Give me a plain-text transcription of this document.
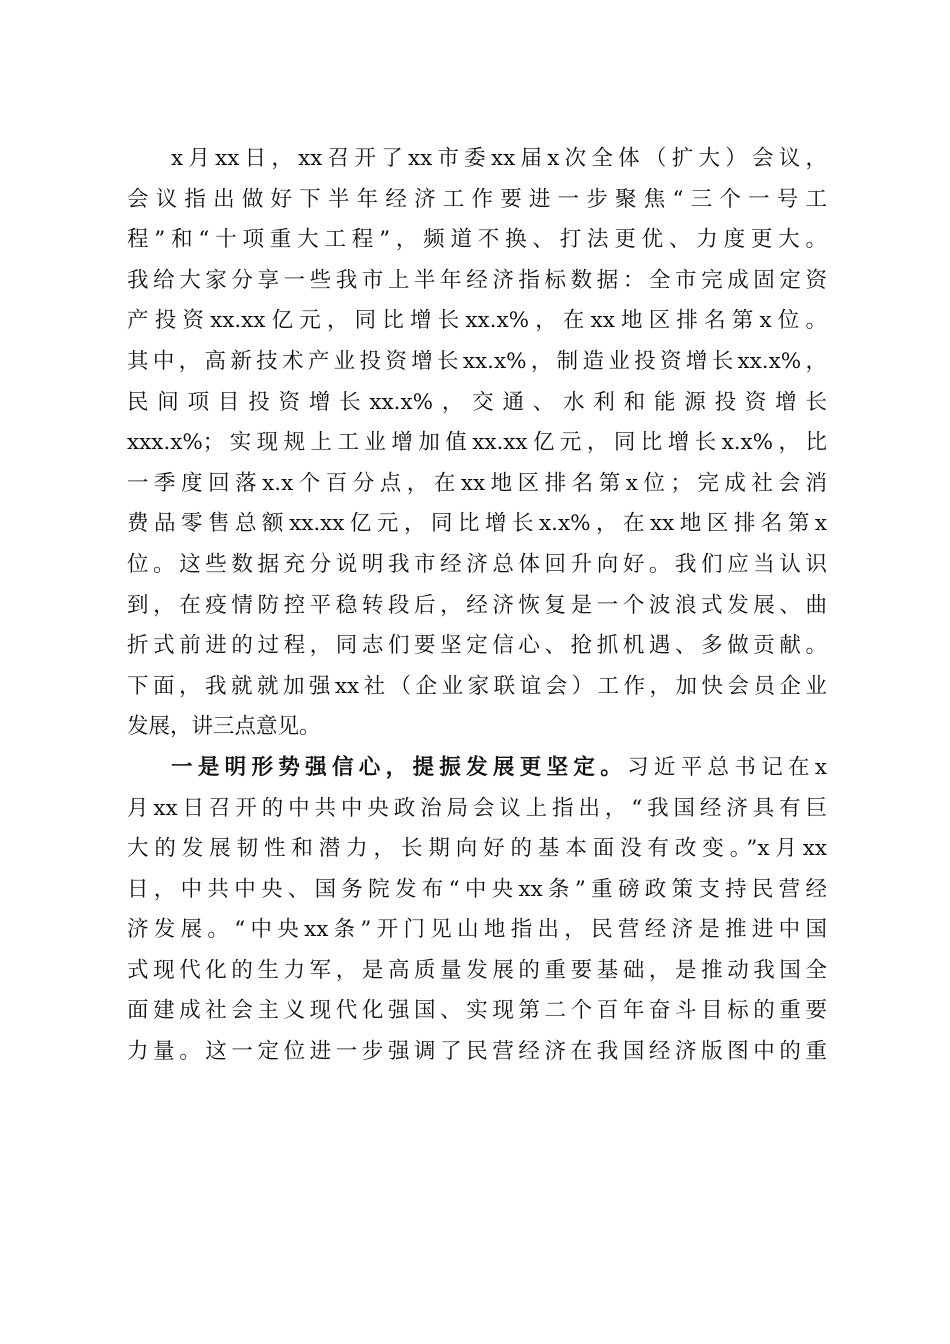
x月xx日，xx召开了xx市委xx届x次全体（扩大）会议，
会议指出做好下半年经济工作要进一步聚焦“三个一号工
程”和“十项重大工程”，频道不换、打法更优、力度更大。
我给大家分享一些我市上半年经济指标数据：全市完成固定资
产投资xx.xx亿元，同比增长xx.x%，在xx地区排名第x位。
其中，高新技术产业投资增长xx.x%，制造业投资增长xx.x%，
民间项目投资增长xx.x%，交通、水利和能源投资增长
xxx.x%；实现规上工业增加值xx.xx亿元，同比增长x.x%，比
一季度回落x.x个百分点，在xx地区排名第x位；完成社会消
费品零售总额xx.xx亿元，同比增长x.x%，在xx地区排名第x
位。这些数据充分说明我市经济总体回升向好。我们应当认识
到，在疫情防控平稳转段后，经济恢复是一个波浪式发展、曲
折式前进的过程，同志们要坚定信心、抢抓机遇、多做贡献。
下面，我就就加强xx社（企业家联谊会）工作，加快会员企业
发展，讲三点意见。
一是明形势强信心，提振发展更坚定。习近平总书记在x
月xx日召开的中共中央政治局会议上指出，“我国经济具有巨
大的发展韧性和潜力，长期向好的基本面没有改变。”x月xx
日，中共中央、国务院发布“中央xx条”重磅政策支持民营经
济发展。“中央xx条”开门见山地指出，民营经济是推进中国
式现代化的生力军，是高质量发展的重要基础，是推动我国全
面建成社会主义现代化强国、实现第二个百年奋斗目标的重要
力量。这一定位进一步强调了民营经济在我国经济版图中的重
